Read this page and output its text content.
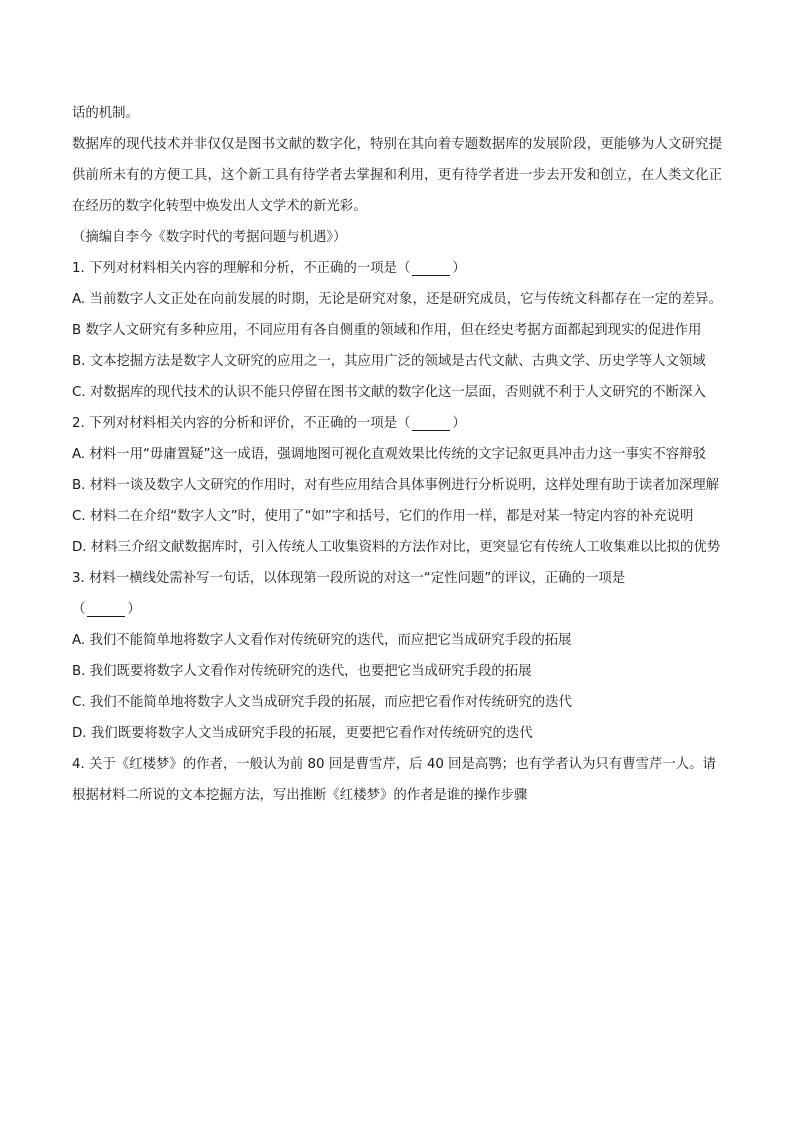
话的机制。

数据库的现代技术并非仅仅是图书文献的数字化，特别在其向着专题数据库的发展阶段，更能够为人文研究提供前所未有的方便工具，这个新工具有待学者去掌握和利用，更有待学者进一步去开发和创立，在人类文化正在经历的数字化转型中焕发出人文学术的新光彩。

（摘编自李今《数字时代的考据问题与机遇》）

1. 下列对材料相关内容的理解和分析，不正确的一项是（	）

A. 当前数字人文正处在向前发展的时期，无论是研究对象，还是研究成员，它与传统文科都存在一定的差异。B 数字人文研究有多种应用，不同应用有各自侧重的领域和作用，但在经史考据方面都起到现实的促进作用

B. 文本挖掘方法是数字人文研究的应用之一，其应用广泛的领域是古代文献、古典文学、历史学等人文领域

C. 对数据库的现代技术的认识不能只停留在图书文献的数字化这一层面，否则就不利于人文研究的不断深入

2. 下列对材料相关内容的分析和评价，不正确的一项是（	）

A. 材料一用“毋庸置疑”这一成语，强调地图可视化直观效果比传统的文字记叙更具冲击力这一事实不容辩驳

B. 材料一谈及数字人文研究的作用时，对有些应用结合具体事例进行分析说明，这样处理有助于读者加深理解

C. 材料二在介绍“数字人文”时，使用了“如”字和括号，它们的作用一样，都是对某一特定内容的补充说明

D. 材料三介绍文献数据库时，引入传统人工收集资料的方法作对比，更突显它有传统人工收集难以比拟的优势

3. 材料一横线处需补写一句话，以体现第一段所说的对这一“定性问题”的评议，正确的一项是

（	）

A. 我们不能简单地将数字人文看作对传统研究的迭代，而应把它当成研究手段的拓展

B. 我们既要将数字人文看作对传统研究的迭代，也要把它当成研究手段的拓展

C. 我们不能简单地将数字人文当成研究手段的拓展，而应把它看作对传统研究的迭代

D. 我们既要将数字人文当成研究手段的拓展，更要把它看作对传统研究的迭代

4. 关于《红楼梦》的作者，一般认为前 80 回是曹雪芹，后 40 回是高鹗；也有学者认为只有曹雪芹一人。请根据材料二所说的文本挖掘方法，写出推断《红楼梦》的作者是谁的操作步骤
